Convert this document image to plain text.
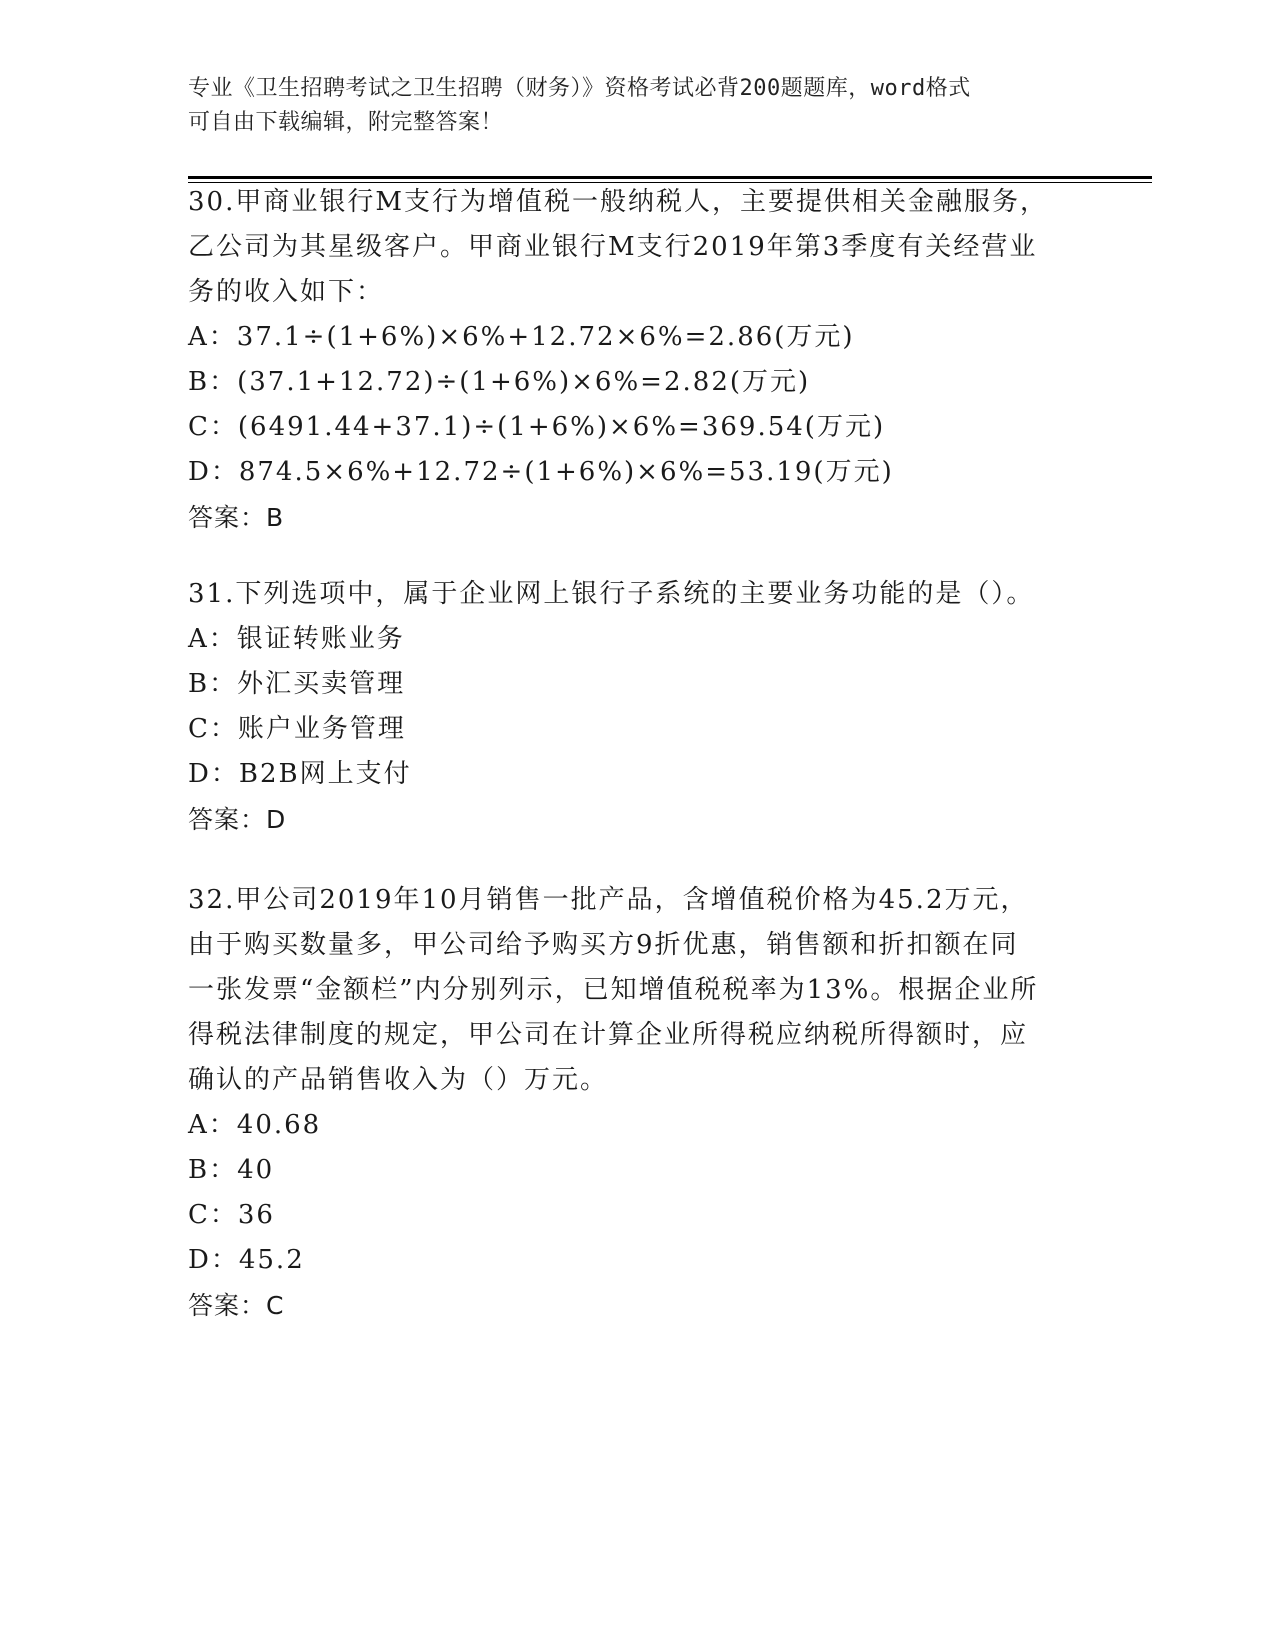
专业《卫生招聘考试之卫生招聘（财务）》资格考试必背200题题库，word格式
可自由下载编辑，附完整答案！
30.甲商业银行M支行为增值税一般纳税人，主要提供相关金融服务，
乙公司为其星级客户。甲商业银行M支行2019年第3季度有关经营业
务的收入如下：
A：37.1÷(1+6%)×6%+12.72×6%=2.86(万元)
B：(37.1+12.72)÷(1+6%)×6%=2.82(万元)
C：(6491.44+37.1)÷(1+6%)×6%=369.54(万元)
D：874.5×6%+12.72÷(1+6%)×6%=53.19(万元)
答案：B
31.下列选项中，属于企业网上银行子系统的主要业务功能的是（）。
A：银证转账业务
B：外汇买卖管理
C：账户业务管理
D：B2B网上支付
答案：D
32.甲公司2019年10月销售一批产品，含增值税价格为45.2万元，
由于购买数量多，甲公司给予购买方9折优惠，销售额和折扣额在同
一张发票“金额栏”内分别列示，已知增值税税率为13%。根据企业所
得税法律制度的规定，甲公司在计算企业所得税应纳税所得额时，应
确认的产品销售收入为（）万元。
A：40.68
B：40
C：36
D：45.2
答案：C
